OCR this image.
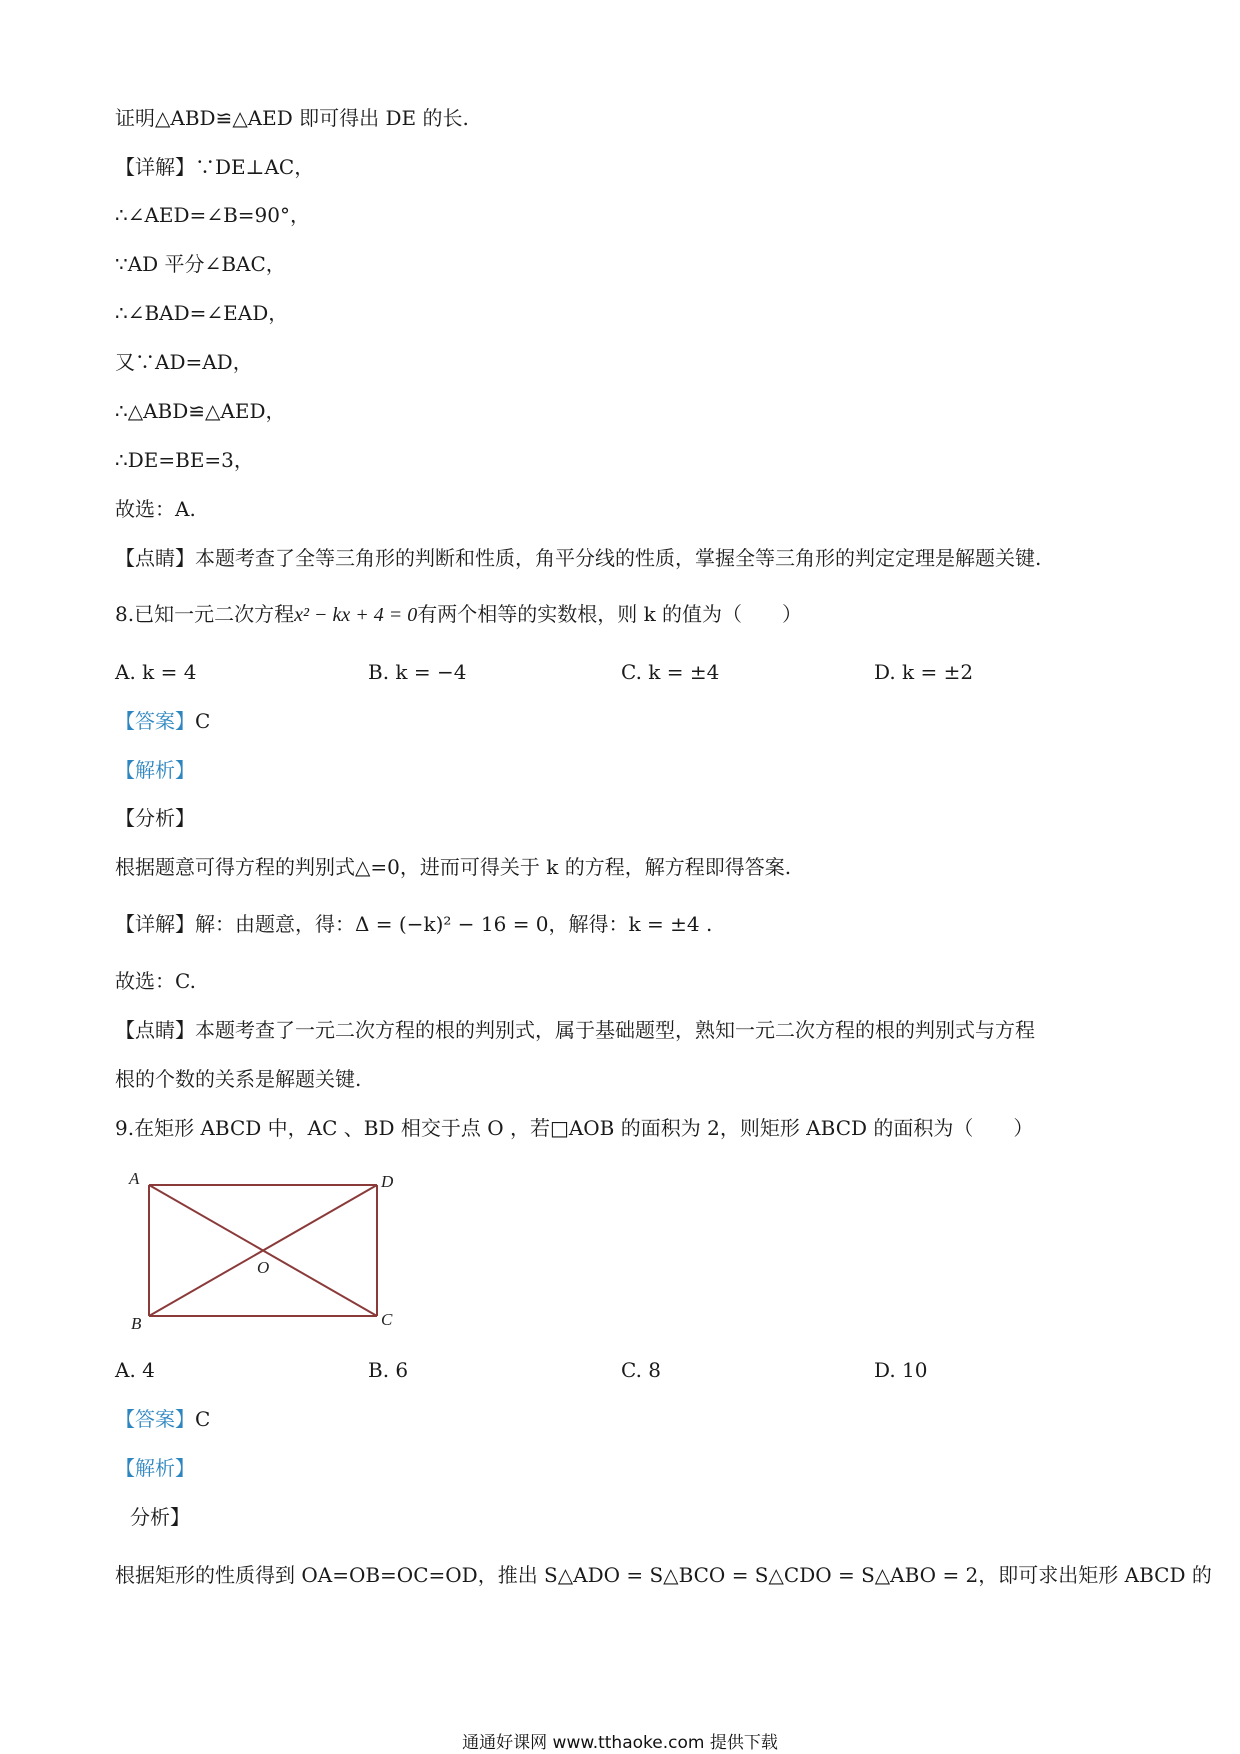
证明△ABD≌△AED 即可得出 DE 的长.
【详解】∵DE⊥AC，
∴∠AED=∠B=90°，
∵AD 平分∠BAC，
∴∠BAD=∠EAD，
又∵AD=AD，
∴△ABD≌△AED，
∴DE=BE=3，
故选：A.
【点睛】本题考查了全等三角形的判断和性质，角平分线的性质，掌握全等三角形的判定定理是解题关键.
8.已知一元二次方程x² − kx + 4 = 0有两个相等的实数根，则 k 的值为（　　）
A. k = 4	B. k = −4	C. k = ±4	D. k = ±2
【答案】C
【解析】
【分析】
根据题意可得方程的判别式△=0，进而可得关于 k 的方程，解方程即得答案.
【详解】解：由题意，得：Δ = (−k)² − 16 = 0，解得：k = ±4 .
故选：C.
【点睛】本题考查了一元二次方程的根的判别式，属于基础题型，熟知一元二次方程的根的判别式与方程
根的个数的关系是解题关键.
9.在矩形 ABCD 中，AC 、BD 相交于点 O ，若□AOB 的面积为 2，则矩形 ABCD 的面积为（　　）
A	D
O
B	C
A. 4	B. 6	C. 8	D. 10
【答案】C
【解析】
分析】
根据矩形的性质得到 OA=OB=OC=OD，推出 S△ADO = S△BCO = S△CDO = S△ABO = 2，即可求出矩形 ABCD 的
通通好课网 www.tthaoke.com 提供下载
